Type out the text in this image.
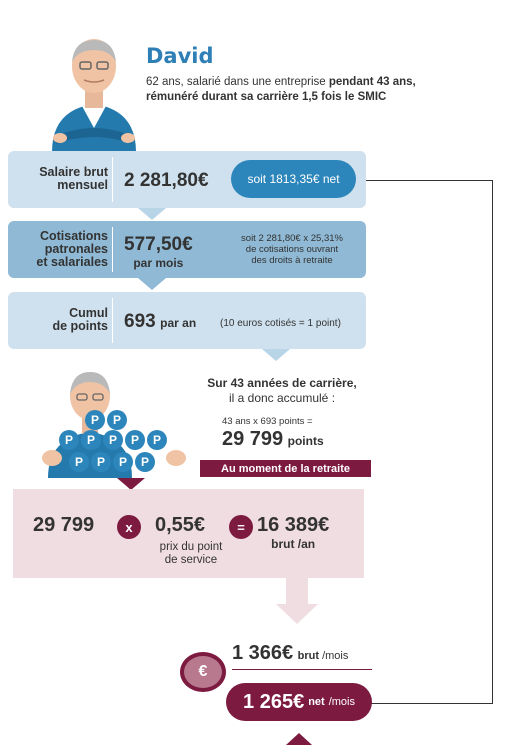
David
62 ans, salarié dans une entreprise pendant 43 ans,
rémunéré durant sa carrière 1,5 fois le SMIC
Salaire brut
mensuel 2 281,80€	soit 1813,35€ net
Cotisations
patronales
et salariales
577,50€
par mois
soit 2 281,80€ x 25,31%
de cotisations ouvrant
des droits à retraite
Cumul
de points 693 par an (10 euros cotisés = 1 point)
P	P
P	P	P	P	P
P	P	P	P
Sur 43 années de carrière,
il a donc accumulé :
43 ans x 693 points =
29 799 points
Au moment de la retraite
29 799	x	0,55€
prix du point
de service
= 16 389€
brut /an
1 366€ brut /mois
€
1 265€ net /mois
